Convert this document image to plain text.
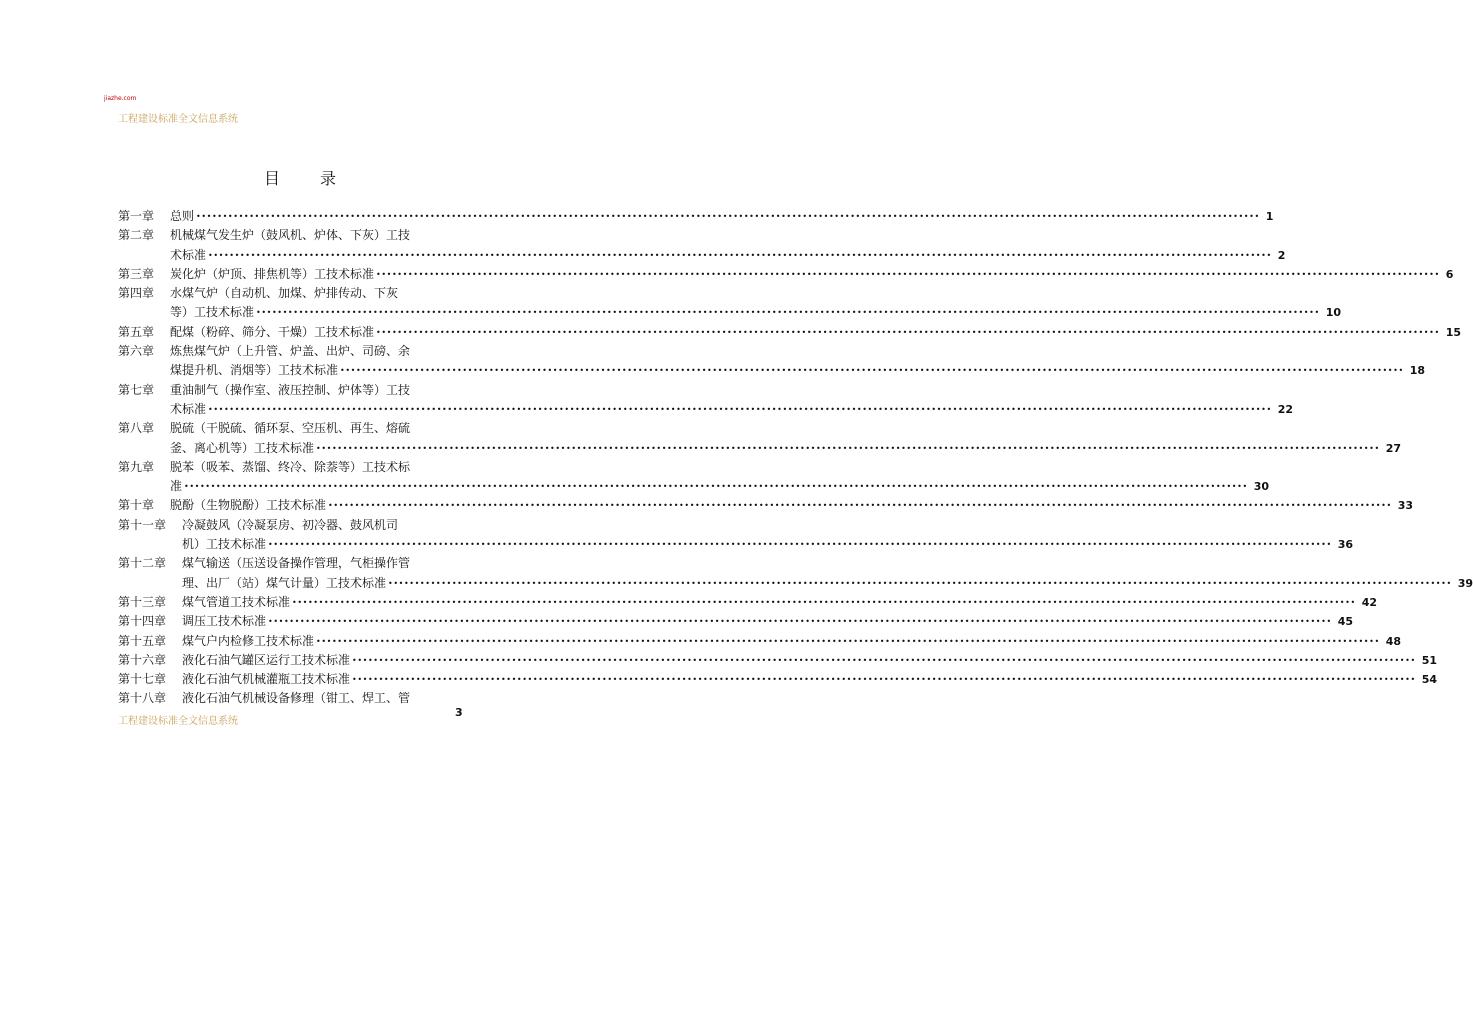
jiazhe.com
工程建设标准全文信息系统
目	录
第一章 总则 •••••••••••••••••••••••••••••••••••••••••••••••••••••••••••••••••••••••••••••••••••••••••••••••••••••••••••••••••••••••••••••••••••••••••••••••••••••••••••••••••••••••••••••••••••••••••••••••••••••••• 1
第二章 机械煤气发生炉（鼓风机、炉体、下灰）工技
术标准 •••••••••••••••••••••••••••••••••••••••••••••••••••••••••••••••••••••••••••••••••••••••••••••••••••••••••••••••••••••••••••••••••••••••••••••••••••••••••••••••••••••••••••••••••••••••••••••••••••••••• 2
第三章 炭化炉（炉顶、排焦机等）工技术标准 •••••••••••••••••••••••••••••••••••••••••••••••••••••••••••••••••••••••••••••••••••••••••••••••••••••••••••••••••••••••••••••••••••••••••••••••••••••••••••••••••••••••••••••••••••••••••••••••••••••••• 6
第四章 水煤气炉（自动机、加煤、炉排传动、下灰
等）工技术标准 •••••••••••••••••••••••••••••••••••••••••••••••••••••••••••••••••••••••••••••••••••••••••••••••••••••••••••••••••••••••••••••••••••••••••••••••••••••••••••••••••••••••••••••••••••••••••••••••••••••••• 10
第五章 配煤（粉碎、筛分、干燥）工技术标准 •••••••••••••••••••••••••••••••••••••••••••••••••••••••••••••••••••••••••••••••••••••••••••••••••••••••••••••••••••••••••••••••••••••••••••••••••••••••••••••••••••••••••••••••••••••••••••••••••••••••• 15
第六章 炼焦煤气炉（上升管、炉盖、出炉、司磅、余
煤提升机、消烟等）工技术标准 •••••••••••••••••••••••••••••••••••••••••••••••••••••••••••••••••••••••••••••••••••••••••••••••••••••••••••••••••••••••••••••••••••••••••••••••••••••••••••••••••••••••••••••••••••••••••••••••••••••••• 18
第七章 重油制气（操作室、液压控制、炉体等）工技
术标准 •••••••••••••••••••••••••••••••••••••••••••••••••••••••••••••••••••••••••••••••••••••••••••••••••••••••••••••••••••••••••••••••••••••••••••••••••••••••••••••••••••••••••••••••••••••••••••••••••••••••• 22
第八章 脱硫（干脱硫、循环泵、空压机、再生、熔硫
釜、离心机等）工技术标准 •••••••••••••••••••••••••••••••••••••••••••••••••••••••••••••••••••••••••••••••••••••••••••••••••••••••••••••••••••••••••••••••••••••••••••••••••••••••••••••••••••••••••••••••••••••••••••••••••••••••• 27
第九章 脱苯（吸苯、蒸馏、终冷、除萘等）工技术标
准 •••••••••••••••••••••••••••••••••••••••••••••••••••••••••••••••••••••••••••••••••••••••••••••••••••••••••••••••••••••••••••••••••••••••••••••••••••••••••••••••••••••••••••••••••••••••••••••••••••••••• 30
第十章 脱酚（生物脱酚）工技术标准 •••••••••••••••••••••••••••••••••••••••••••••••••••••••••••••••••••••••••••••••••••••••••••••••••••••••••••••••••••••••••••••••••••••••••••••••••••••••••••••••••••••••••••••••••••••••••••••••••••••••• 33
第十一章 冷凝鼓风（冷凝泵房、初冷器、鼓风机司
机）工技术标准 •••••••••••••••••••••••••••••••••••••••••••••••••••••••••••••••••••••••••••••••••••••••••••••••••••••••••••••••••••••••••••••••••••••••••••••••••••••••••••••••••••••••••••••••••••••••••••••••••••••••• 36
第十二章 煤气输送（压送设备操作管理，气柜操作管
理、出厂（站）煤气计量）工技术标准 •••••••••••••••••••••••••••••••••••••••••••••••••••••••••••••••••••••••••••••••••••••••••••••••••••••••••••••••••••••••••••••••••••••••••••••••••••••••••••••••••••••••••••••••••••••••••••••••••••••••• 39
第十三章 煤气管道工技术标准 •••••••••••••••••••••••••••••••••••••••••••••••••••••••••••••••••••••••••••••••••••••••••••••••••••••••••••••••••••••••••••••••••••••••••••••••••••••••••••••••••••••••••••••••••••••••••••••••••••••••• 42
第十四章 调压工技术标准 •••••••••••••••••••••••••••••••••••••••••••••••••••••••••••••••••••••••••••••••••••••••••••••••••••••••••••••••••••••••••••••••••••••••••••••••••••••••••••••••••••••••••••••••••••••••••••••••••••••••• 45
第十五章 煤气户内检修工技术标准 •••••••••••••••••••••••••••••••••••••••••••••••••••••••••••••••••••••••••••••••••••••••••••••••••••••••••••••••••••••••••••••••••••••••••••••••••••••••••••••••••••••••••••••••••••••••••••••••••••••••• 48
第十六章 液化石油气罐区运行工技术标准 •••••••••••••••••••••••••••••••••••••••••••••••••••••••••••••••••••••••••••••••••••••••••••••••••••••••••••••••••••••••••••••••••••••••••••••••••••••••••••••••••••••••••••••••••••••••••••••••••••••••• 51
第十七章 液化石油气机械灌瓶工技术标准 •••••••••••••••••••••••••••••••••••••••••••••••••••••••••••••••••••••••••••••••••••••••••••••••••••••••••••••••••••••••••••••••••••••••••••••••••••••••••••••••••••••••••••••••••••••••••••••••••••••••• 54
第十八章 液化石油气机械设备修理（钳工、焊工、管
工程建设标准全文信息系统
3
